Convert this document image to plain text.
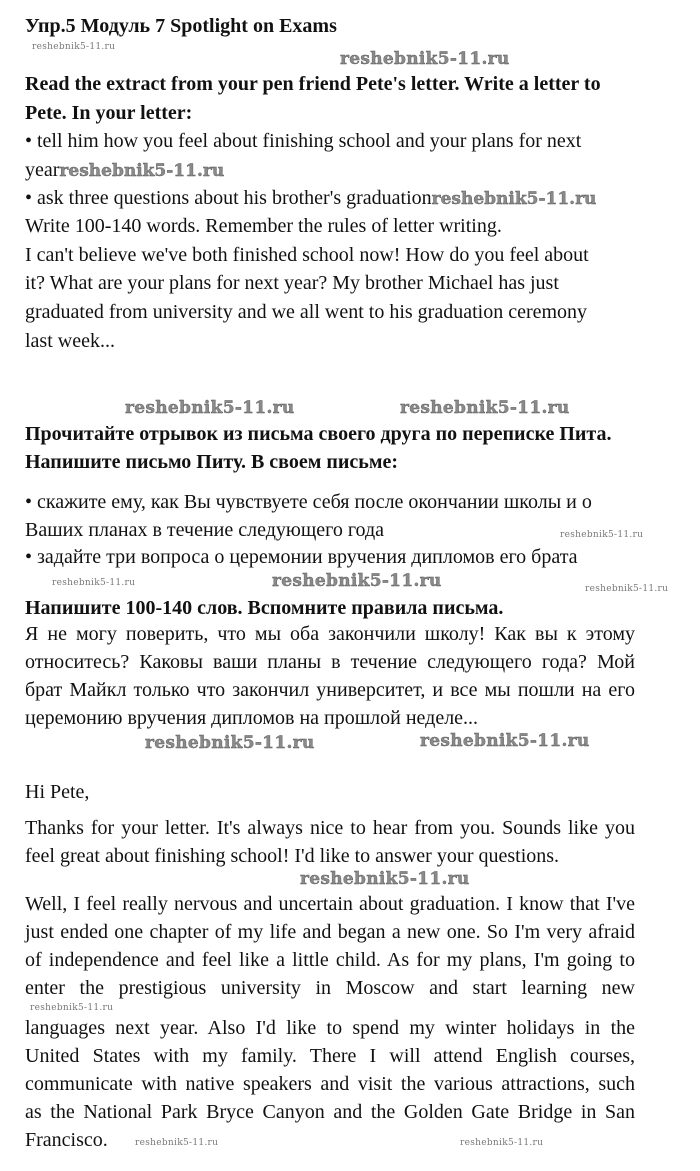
Упр.5 Модуль 7 Spotlight on Exams
reshebnik5-11.ru
reshebnik5-11.ru
Read the extract from your pen friend Pete's letter. Write a letter to
Pete. In your letter:
• tell him how you feel about finishing school and your plans for next
yearreshebnik5-11.ru
• ask three questions about his brother's graduationreshebnik5-11.ru
Write 100-140 words. Remember the rules of letter writing.
I can't believe we've both finished school now! How do you feel about
it? What are your plans for next year? My brother Michael has just
graduated from university and we all went to his graduation ceremony
last week...
reshebnik5-11.ru	reshebnik5-11.ru
Прочитайте отрывок из письма своего друга по переписке Пита.
Напишите письмо Питу. В своем письме:
• скажите ему, как Вы чувствуете себя после окончании школы и о
Ваших планах в течение следующего года
• задайте три вопроса о церемонии вручения дипломов его брата
Напишите 100-140 слов. Вспомните правила письма.
reshebnik5-11.ru
reshebnik5-11.ru	reshebnik5-11.ru	reshebnik5-11.ru
Я не могу поверить, что мы оба закончили школу! Как вы к этому
относитесь? Каковы ваши планы в течение следующего года? Мой
брат Майкл только что закончил университет, и все мы пошли на его
церемонию вручения дипломов на прошлой неделе...
reshebnik5-11.ru	reshebnik5-11.ru
Hi Pete,
Thanks for your letter. It's always nice to hear from you. Sounds like you
feel great about finishing school! I'd like to answer your questions.
Well, I feel really nervous and uncertain about graduation. I know that I've
just ended one chapter of my life and began a new one. So I'm very afraid
of independence and feel like a little child. As for my plans, I'm going to
enter the prestigious university in Moscow and start learning new
languages next year. Also I'd like to spend my winter holidays in the
United States with my family. There I will attend English courses,
communicate with native speakers and visit the various attractions, such
as the National Park Bryce Canyon and the Golden Gate Bridge in San
Francisco.
reshebnik5-11.ru
reshebnik5-11.ru
reshebnik5-11.ru	reshebnik5-11.ru
